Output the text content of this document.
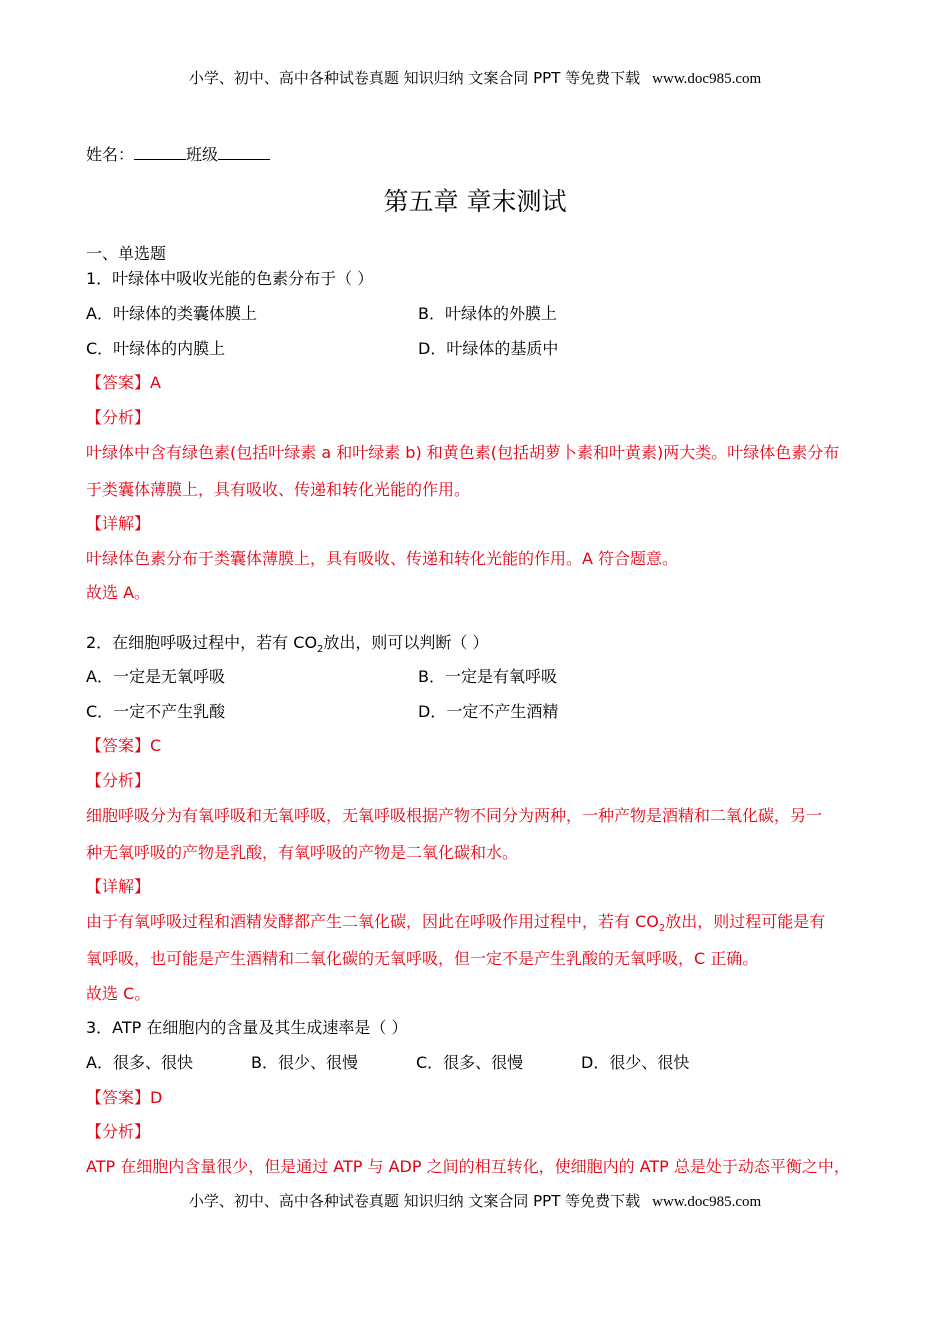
小学、初中、高中各种试卷真题 知识归纳 文案合同 PPT 等免费下载 www.doc985.com
姓名：	班级
第五章 章末测试
一、单选题
1．叶绿体中吸收光能的色素分布于（ ）
A．叶绿体的类囊体膜上	B．叶绿体的外膜上
C．叶绿体的内膜上	D．叶绿体的基质中
【答案】A
【分析】
叶绿体中含有绿色素(包括叶绿素 a 和叶绿素 b) 和黄色素(包括胡萝卜素和叶黄素)两大类。叶绿体色素分布
于类囊体薄膜上，具有吸收、传递和转化光能的作用。
【详解】
叶绿体色素分布于类囊体薄膜上，具有吸收、传递和转化光能的作用。A 符合题意。
故选 A。
2．在细胞呼吸过程中，若有 $CO_2$放出，则可以判断（ ）
A．一定是无氧呼吸	B．一定是有氧呼吸
C．一定不产生乳酸	D．一定不产生酒精
【答案】C
【分析】
细胞呼吸分为有氧呼吸和无氧呼吸，无氧呼吸根据产物不同分为两种，一种产物是酒精和二氧化碳，另一
种无氧呼吸的产物是乳酸，有氧呼吸的产物是二氧化碳和水。
【详解】
由于有氧呼吸过程和酒精发酵都产生二氧化碳，因此在呼吸作用过程中，若有 $CO_2$放出，则过程可能是有
氧呼吸，也可能是产生酒精和二氧化碳的无氧呼吸，但一定不是产生乳酸的无氧呼吸，C 正确。
故选 C。
3．ATP 在细胞内的含量及其生成速率是（ ）
A．很多、很快	B．很少、很慢	C．很多、很慢	D．很少、很快
【答案】D
【分析】
ATP 在细胞内含量很少，但是通过 ATP 与 ADP 之间的相互转化，使细胞内的 ATP 总是处于动态平衡之中，
小学、初中、高中各种试卷真题 知识归纳 文案合同 PPT 等免费下载 www.doc985.com
